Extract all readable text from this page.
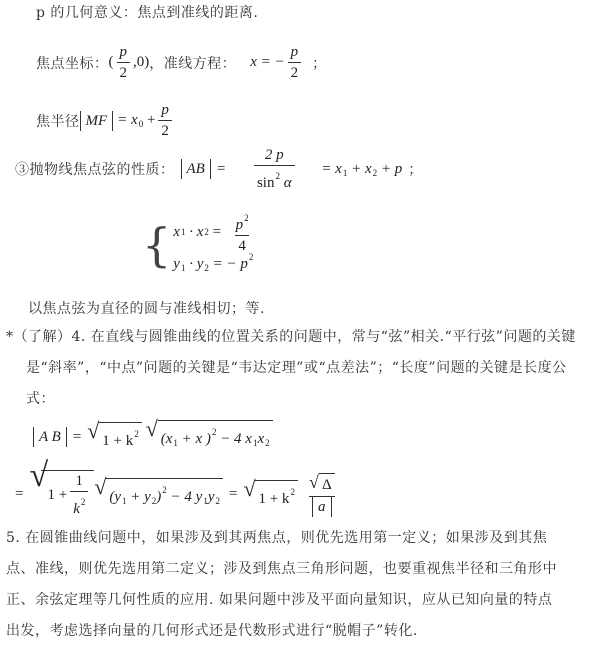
p 的几何意义：焦点到准线的距离.
焦点坐标： ( $\frac{p}{2} ,0$) ，准线方程： x = − $\frac{p}{2}$ ；
焦半径 MF = $x_0 + \frac{p}{2}$
③抛物线焦点弦的性质： AB = $\frac{2 p}{\sin^2 \alpha} = x_1 + x_2 + p$ ；
{ x 1
· x 2
= $\frac{p^2}{4}$
$y_1 \cdot y_2$ = − $p^2$
以焦点弦为直径的圆与准线相切；等.
*（了解）4. 在直线与圆锥曲线的位置关系的问题中，常与“弦”相关.“平行弦”问题的关键是“斜率”，“中点”问题的关键是“韦达定理”或“点差法”；“长度”问题的关键是长度公式：
A B = √ $1 + k^2$ √ ($x_1 + x$ )$^2$ − 4 $x_1x_2$
= √
$1 + \frac{1}{k^2}$ √ $(y_1 + y_2)^2 - 4$ $y_1y_2$ = √ $1 + k^2 \frac{√ \Delta}{a}$
5. 在圆锥曲线问题中，如果涉及到其两焦点，则优先选用第一定义；如果涉及到其焦点、准线，则优先选用第二定义；涉及到焦点三角形问题，也要重视焦半径和三角形中正、余弦定理等几何性质的应用. 如果问题中涉及平面向量知识，应从已知向量的特点出发，考虑选择向量的几何形式还是代数形式进行“脱帽子”转化.
